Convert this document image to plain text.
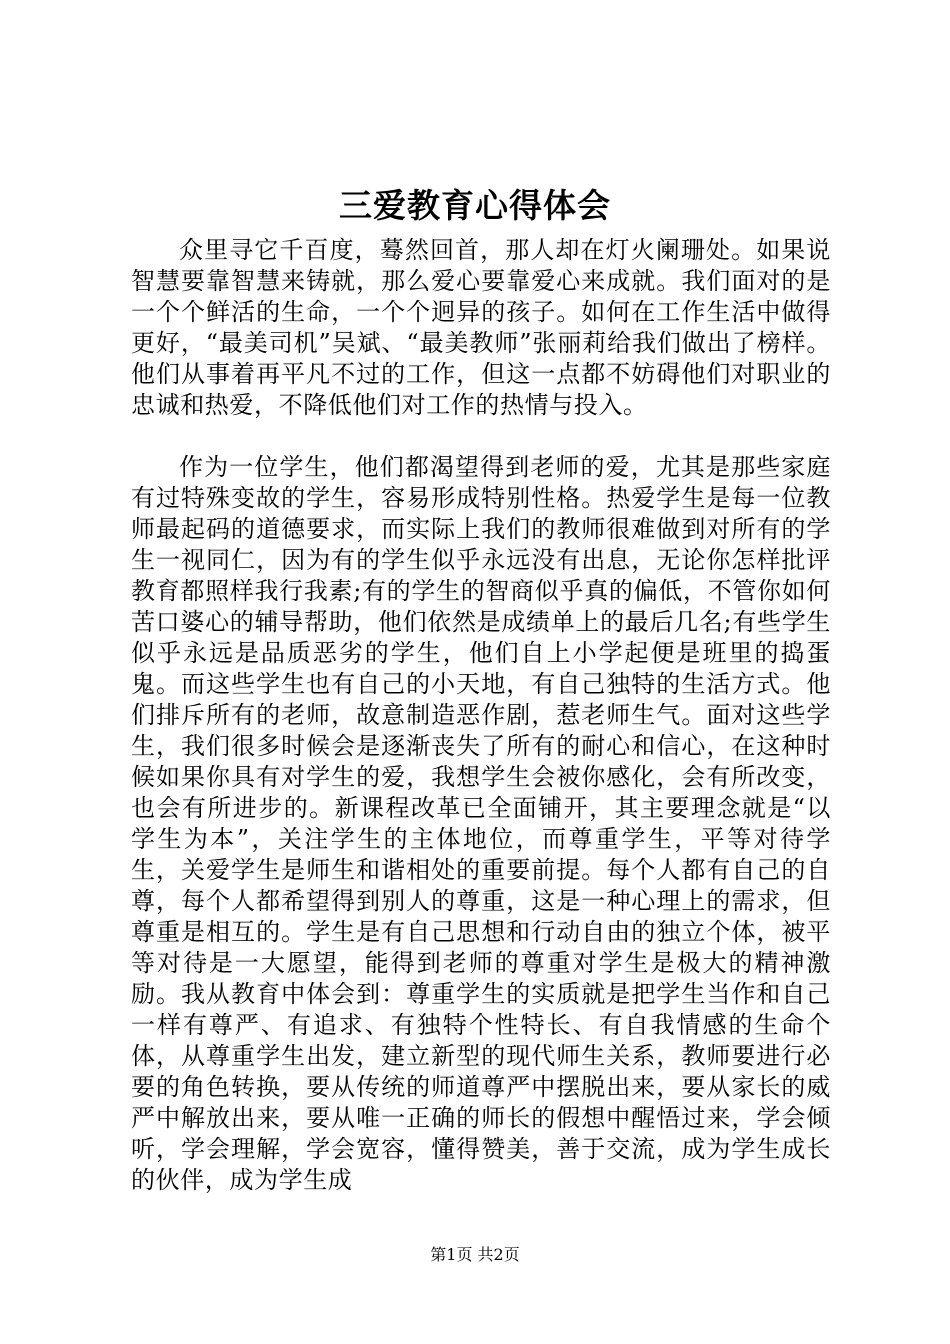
三爱教育心得体会

众里寻它千百度，蓦然回首，那人却在灯火阑珊处。如果说智慧要靠智慧来铸就，那么爱心要靠爱心来成就。我们面对的是一个个鲜活的生命，一个个迥异的孩子。如何在工作生活中做得更好，“最美司机”吴斌、“最美教师”张丽莉给我们做出了榜样。他们从事着再平凡不过的工作，但这一点都不妨碍他们对职业的忠诚和热爱，不降低他们对工作的热情与投入。

作为一位学生，他们都渴望得到老师的爱，尤其是那些家庭有过特殊变故的学生，容易形成特别性格。热爱学生是每一位教师最起码的道德要求，而实际上我们的教师很难做到对所有的学生一视同仁，因为有的学生似乎永远没有出息，无论你怎样批评教育都照样我行我素;有的学生的智商似乎真的偏低，不管你如何苦口婆心的辅导帮助，他们依然是成绩单上的最后几名;有些学生似乎永远是品质恶劣的学生，他们自上小学起便是班里的捣蛋鬼。而这些学生也有自己的小天地，有自己独特的生活方式。他们排斥所有的老师，故意制造恶作剧，惹老师生气。面对这些学生，我们很多时候会是逐渐丧失了所有的耐心和信心，在这种时候如果你具有对学生的爱，我想学生会被你感化，会有所改变，也会有所进步的。新课程改革已全面铺开，其主要理念就是“以学生为本”，关注学生的主体地位，而尊重学生，平等对待学生，关爱学生是师生和谐相处的重要前提。每个人都有自己的自尊，每个人都希望得到别人的尊重，这是一种心理上的需求，但尊重是相互的。学生是有自己思想和行动自由的独立个体，被平等对待是一大愿望，能得到老师的尊重对学生是极大的精神激励。我从教育中体会到：尊重学生的实质就是把学生当作和自己一样有尊严、有追求、有独特个性特长、有自我情感的生命个体，从尊重学生出发，建立新型的现代师生关系，教师要进行必要的角色转换，要从传统的师道尊严中摆脱出来，要从家长的威严中解放出来，要从唯一正确的师长的假想中醒悟过来，学会倾听，学会理解，学会宽容，懂得赞美，善于交流，成为学生成长的伙伴，成为学生成

第1页 共2页
